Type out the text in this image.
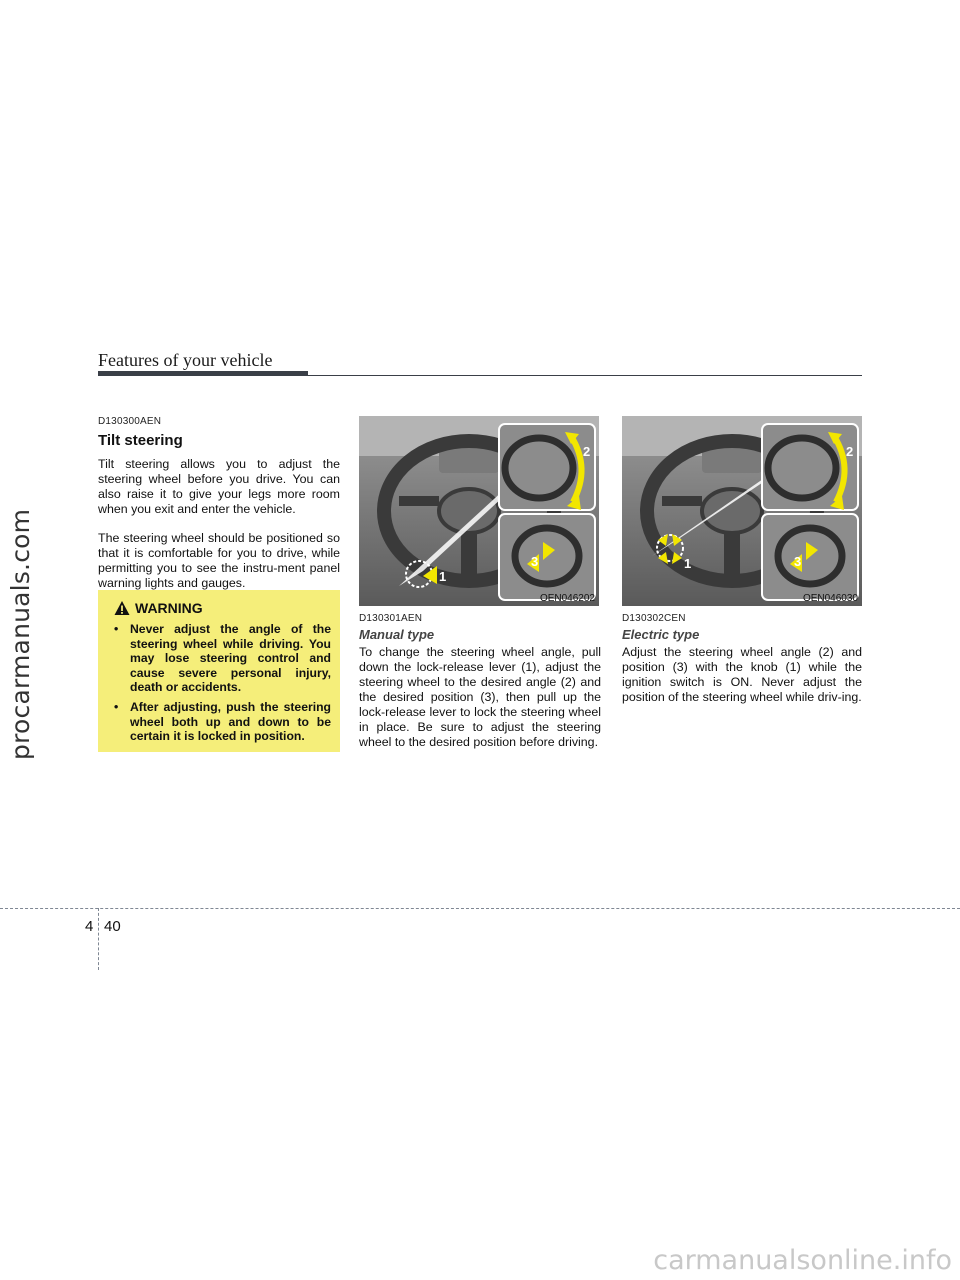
procarmanuals.com
carmanualsonline.info
Features of your vehicle
D130300AEN
Tilt steering

Tilt steering allows you to adjust the steering wheel before you drive. You can also raise it to give your legs more room when you exit and enter the vehicle.

The steering wheel should be positioned so that it is comfortable for you to drive, while permitting you to see the instru-ment panel warning lights and gauges.

WARNING
• Never adjust the angle of the steering wheel while driving. You may lose steering control and cause severe personal injury, death or accidents.
• After adjusting, push the steering wheel both up and down to be certain it is locked in position.
1
2
3
OEN046202
1
2
3
OEN046030
D130301AEN
Manual type

To change the steering wheel angle, pull down the lock-release lever (1), adjust the steering wheel to the desired angle (2) and the desired position (3), then pull up the lock-release lever to lock the steering wheel in place. Be sure to adjust the steering wheel to the desired position before driving.

D130302CEN
Electric type

Adjust the steering wheel angle (2) and position (3) with the knob (1) while the ignition switch is ON. Never adjust the position of the steering wheel while driv-ing.

4 40
